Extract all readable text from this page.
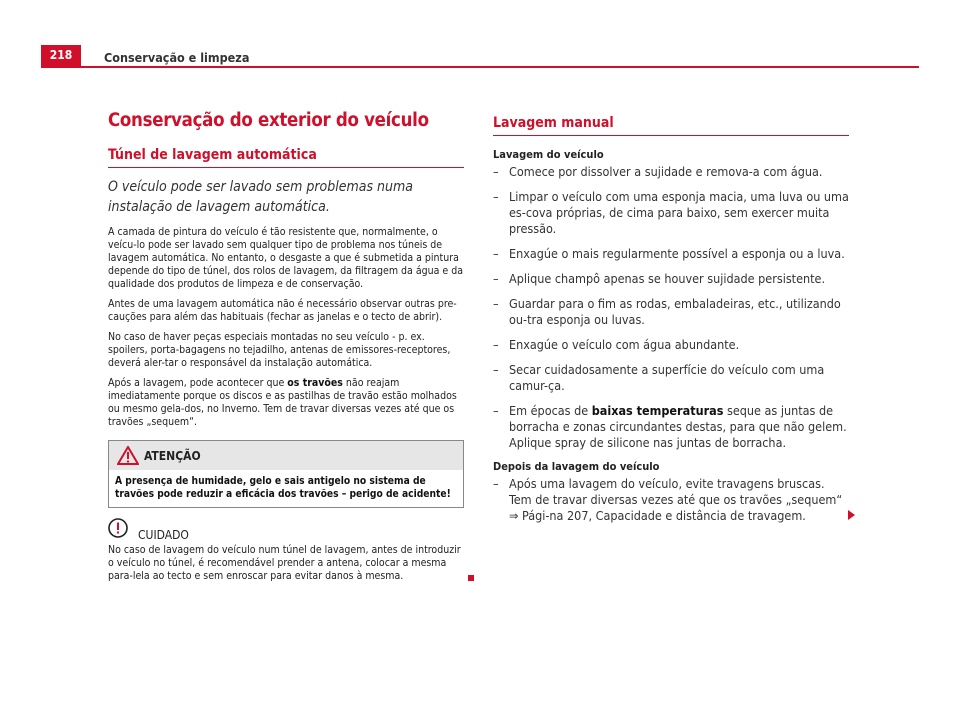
218	Conservação e limpeza
Conservação do exterior do veículo
Túnel de lavagem automática
O veículo pode ser lavado sem problemas numa instalação de lavagem automática.
A camada de pintura do veículo é tão resistente que, normalmente, o veícu-lo pode ser lavado sem qualquer tipo de problema nos túneis de lavagem automática. No entanto, o desgaste a que é submetida a pintura depende do tipo de túnel, dos rolos de lavagem, da filtragem da água e da qualidade dos produtos de limpeza e de conservação.
Antes de uma lavagem automática não é necessário observar outras pre-cauções para além das habituais (fechar as janelas e o tecto de abrir).
No caso de haver peças especiais montadas no seu veículo - p. ex. spoilers, porta-bagagens no tejadilho, antenas de emissores-receptores, deverá aler-tar o responsável da instalação automática.
Após a lavagem, pode acontecer que os travões não reajam imediatamente porque os discos e as pastilhas de travão estão molhados ou mesmo gela-dos, no Inverno. Tem de travar diversas vezes até que os travões „sequem“.
ATENÇÃO
A presença de humidade, gelo e sais antigelo no sistema de travões pode reduzir a eficácia dos travões – perigo de acidente!
CUIDADO
No caso de lavagem do veículo num túnel de lavagem, antes de introduzir o veículo no túnel, é recomendável prender a antena, colocar a mesma para-lela ao tecto e sem enroscar para evitar danos à mesma.
Lavagem manual
Lavagem do veículo
– Comece por dissolver a sujidade e remova-a com água.
– Limpar o veículo com uma esponja macia, uma luva ou uma es-cova próprias, de cima para baixo, sem exercer muita pressão.
– Enxagúe o mais regularmente possível a esponja ou a luva.
– Aplique champô apenas se houver sujidade persistente.
– Guardar para o fim as rodas, embaladeiras, etc., utilizando ou-tra esponja ou luvas.
– Enxagúe o veículo com água abundante.
– Secar cuidadosamente a superfície do veículo com uma camur-ça.
– Em épocas de baixas temperaturas seque as juntas de borracha e zonas circundantes destas, para que não gelem. Aplique spray de silicone nas juntas de borracha.
Depois da lavagem do veículo
– Após uma lavagem do veículo, evite travagens bruscas. Tem de travar diversas vezes até que os travões „sequem“ ⇒ Pági-na 207, Capacidade e distância de travagem.
